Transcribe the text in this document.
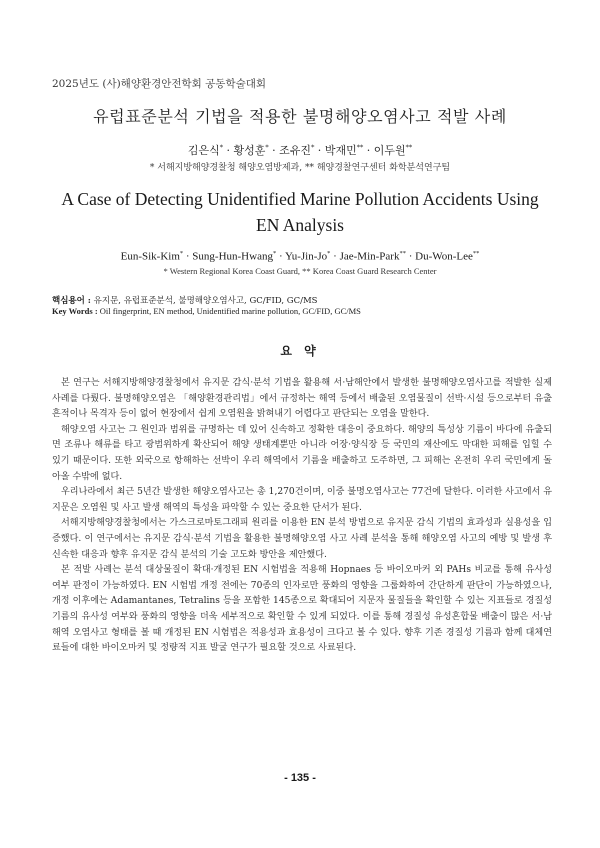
2025년도 (사)해양환경안전학회 공동학술대회
유럽표준분석 기법을 적용한 불명해양오염사고 적발 사례
김은식* · 황성훈* · 조유진* · 박재민** · 이두원**
* 서해지방해양경찰청 해양오염방제과, ** 해양경찰연구센터 화학분석연구팀
A Case of Detecting Unidentified Marine Pollution Accidents Using EN Analysis
Eun-Sik-Kim* · Sung-Hun-Hwang* · Yu-Jin-Jo* · Jae-Min-Park** · Du-Won-Lee**
* Western Regional Korea Coast Guard, ** Korea Coast Guard Research Center
핵심용어 : 유지문, 유럽표준분석, 불명해양오염사고, GC/FID, GC/MS
Key Words : Oil fingerprint, EN method, Unidentified marine pollution, GC/FID, GC/MS
요 약

본 연구는 서해지방해양경찰청에서 유지문 감식·분석 기법을 활용해 서·남해안에서 발생한 불명해양오염사고를 적발한 실제 사례를 다뤘다. 불명해양오염은 「해양환경관리법」에서 규정하는 해역 등에서 배출된 오염물질이 선박·시설 등으로부터 유출 흔적이나 목격자 등이 없어 현장에서 쉽게 오염원을 밝혀내기 어렵다고 판단되는 오염을 말한다.

해양오염 사고는 그 원인과 범위를 규명하는 데 있어 신속하고 정확한 대응이 중요하다. 해양의 특성상 기름이 바다에 유출되면 조류나 해류를 타고 광범위하게 확산되어 해양 생태계뿐만 아니라 어장·양식장 등 국민의 재산에도 막대한 피해를 입힐 수 있기 때문이다. 또한 외국으로 항해하는 선박이 우리 해역에서 기름을 배출하고 도주하면, 그 피해는 온전히 우리 국민에게 돌아올 수밖에 없다.

우리나라에서 최근 5년간 발생한 해양오염사고는 총 1,270건이며, 이중 불명오염사고는 77건에 달한다. 이러한 사고에서 유지문은 오염원 및 사고 발생 해역의 특성을 파악할 수 있는 중요한 단서가 된다.

서해지방해양경찰청에서는 가스크로마토그래피 원리를 이용한 EN 분석 방법으로 유지문 감식 기법의 효과성과 실용성을 입증했다. 이 연구에서는 유지문 감식·분석 기법을 활용한 불명해양오염 사고 사례 분석을 통해 해양오염 사고의 예방 및 발생 후 신속한 대응과 향후 유지문 감식 분석의 기술 고도화 방안을 제안했다.

본 적발 사례는 분석 대상물질이 확대·개정된 EN 시험법을 적용해 Hopnaes 등 바이오마커 외 PAHs 비교를 통해 유사성 여부 판정이 가능하였다. EN 시험법 개정 전에는 70종의 인자로만 풍화의 영향을 그룹화하여 간단하게 판단이 가능하였으나, 개정 이후에는 Adamantanes, Tetralins 등을 포함한 145종으로 확대되어 지문자 물질들을 확인할 수 있는 지표들로 경질성 기름의 유사성 여부와 풍화의 영향을 더욱 세부적으로 확인할 수 있게 되었다. 이를 통해 경질성 유성혼합물 배출이 많은 서·남해역 오염사고 형태를 볼 때 개정된 EN 시험법은 적용성과 효용성이 크다고 볼 수 있다. 향후 기존 경질성 기름과 함께 대체연료들에 대한 바이오마커 및 정량적 지표 발굴 연구가 필요할 것으로 사료된다.

- 135 -
